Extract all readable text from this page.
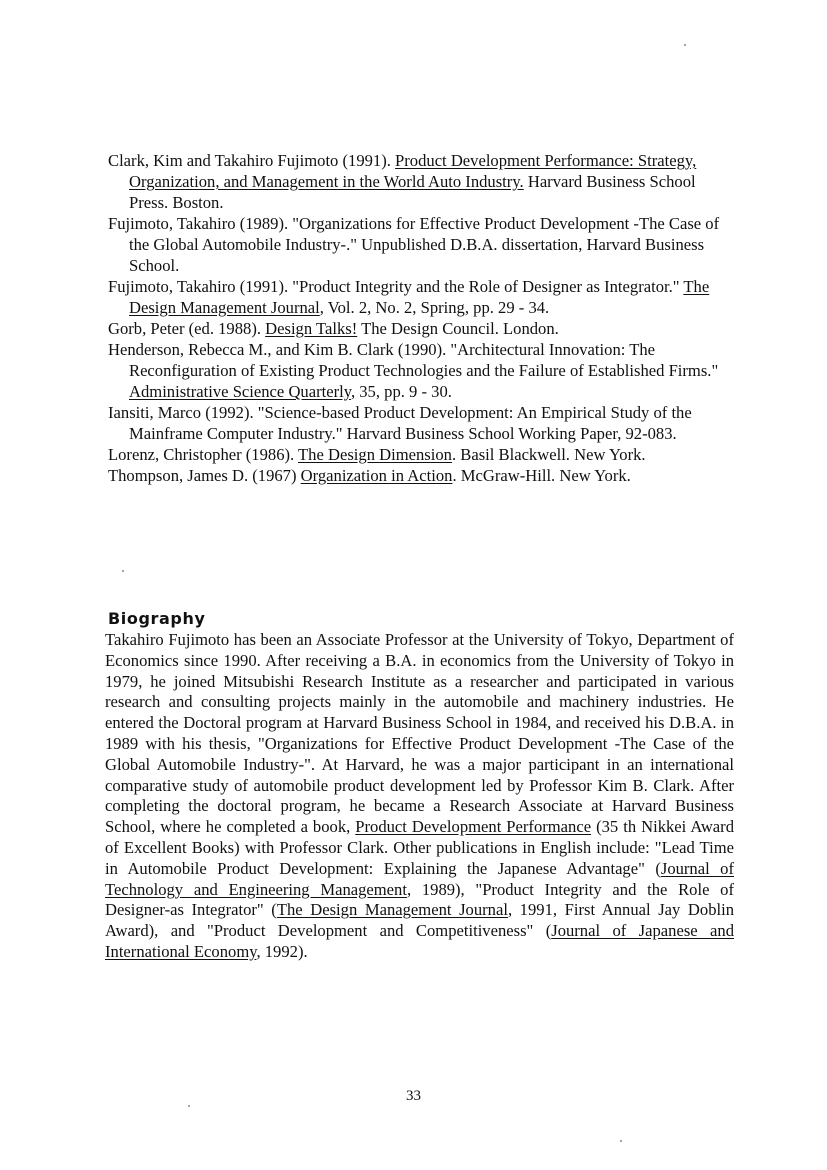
Clark, Kim and Takahiro Fujimoto (1991). Product Development Performance: Strategy, Organization, and Management in the World Auto Industry. Harvard Business School Press. Boston.

Fujimoto, Takahiro (1989). "Organizations for Effective Product Development -The Case of the Global Automobile Industry-." Unpublished D.B.A. dissertation, Harvard Business School.

Fujimoto, Takahiro (1991). "Product Integrity and the Role of Designer as Integrator." The Design Management Journal, Vol. 2, No. 2, Spring, pp. 29 - 34.

Gorb, Peter (ed. 1988). Design Talks! The Design Council. London.

Henderson, Rebecca M., and Kim B. Clark (1990). "Architectural Innovation: The Reconfiguration of Existing Product Technologies and the Failure of Established Firms." Administrative Science Quarterly, 35, pp. 9 - 30.

Iansiti, Marco (1992). "Science-based Product Development: An Empirical Study of the Mainframe Computer Industry." Harvard Business School Working Paper, 92-083.

Lorenz, Christopher (1986). The Design Dimension. Basil Blackwell. New York.

Thompson, James D. (1967) Organization in Action. McGraw-Hill. New York.

Biography

Takahiro Fujimoto has been an Associate Professor at the University of Tokyo, Department of Economics since 1990. After receiving a B.A. in economics from the University of Tokyo in 1979, he joined Mitsubishi Research Institute as a researcher and participated in various research and consulting projects mainly in the automobile and machinery industries. He entered the Doctoral program at Harvard Business School in 1984, and received his D.B.A. in 1989 with his thesis, "Organizations for Effective Product Development -The Case of the Global Automobile Industry-". At Harvard, he was a major participant in an international comparative study of automobile product development led by Professor Kim B. Clark. After completing the doctoral program, he became a Research Associate at Harvard Business School, where he completed a book, Product Development Performance (35 th Nikkei Award of Excellent Books) with Professor Clark. Other publications in English include: "Lead Time in Automobile Product Development: Explaining the Japanese Advantage" (Journal of Technology and Engineering Management, 1989), "Product Integrity and the Role of Designer-as Integrator" (The Design Management Journal, 1991, First Annual Jay Doblin Award), and "Product Development and Competitiveness" (Journal of Japanese and International Economy, 1992).

33
